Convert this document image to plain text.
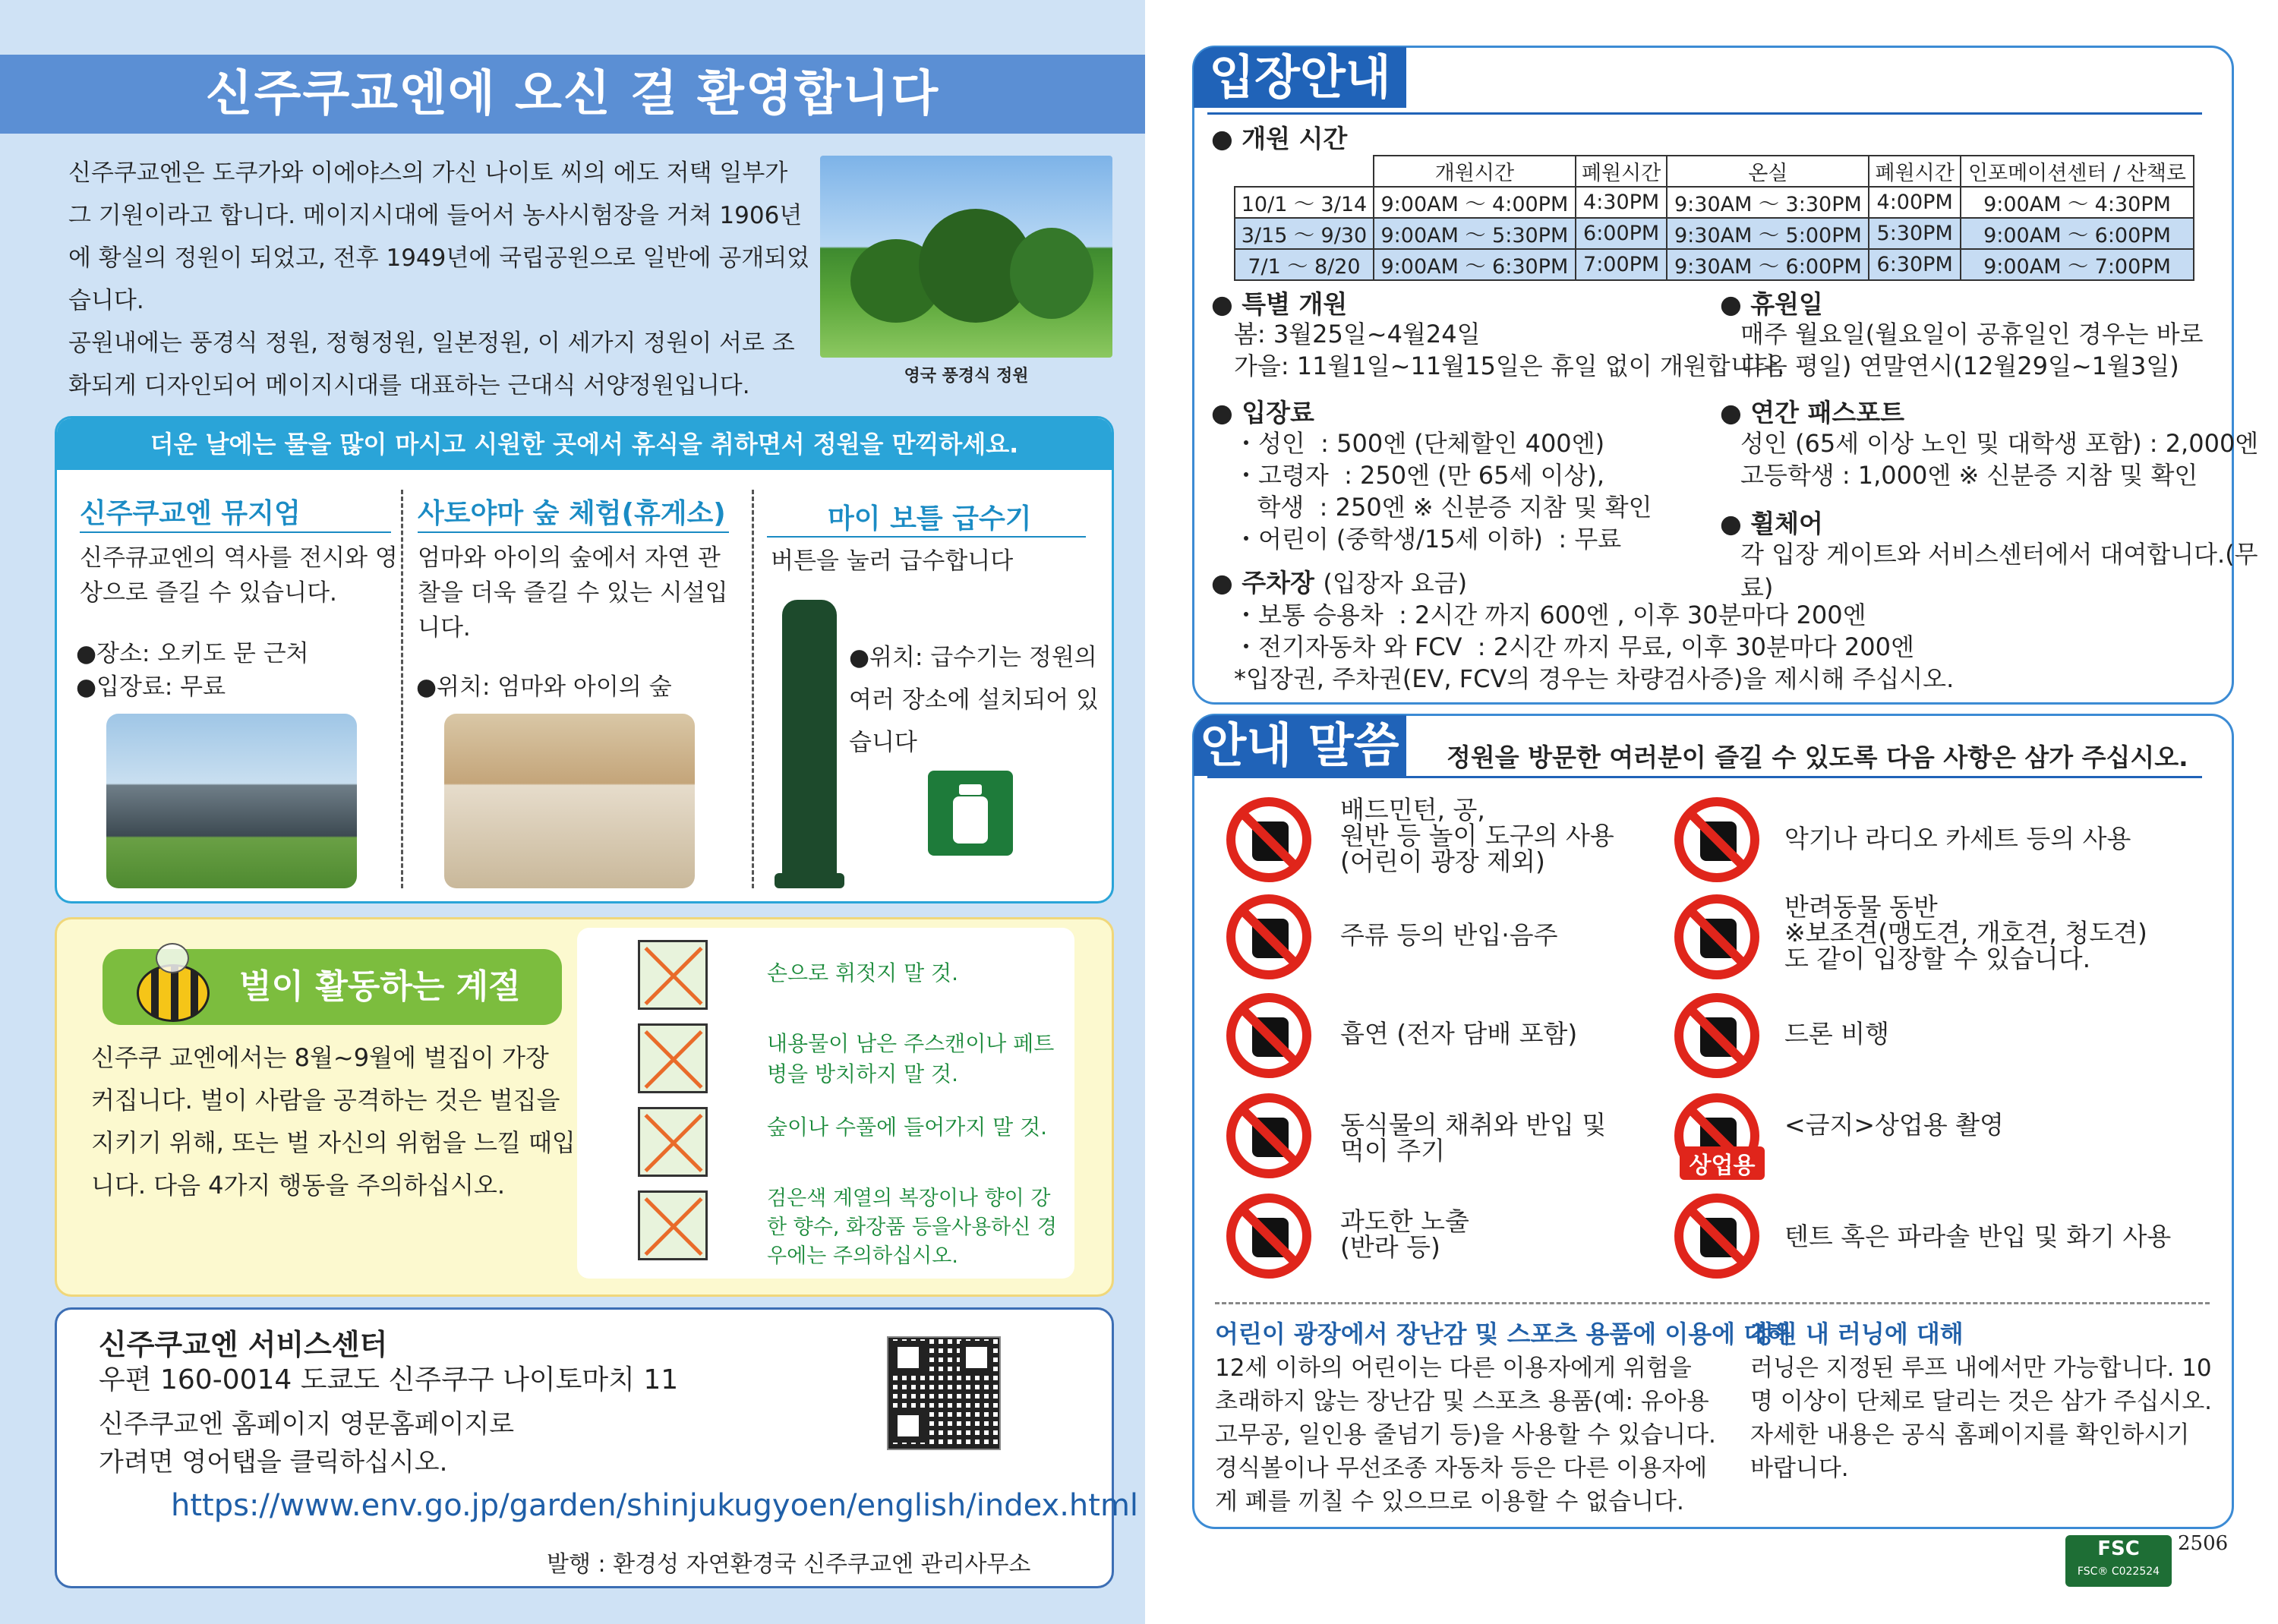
신주쿠교엔에 오신 걸 환영합니다

신주쿠교엔은 도쿠가와 이에야스의 가신 나이토 씨의 에도 저택 일부가 그 기원이라고 합니다. 메이지시대에 들어서 농사시험장을 거쳐 1906년에 황실의 정원이 되었고, 전후 1949년에 국립공원으로 일반에 공개되었습니다.

공원내에는 풍경식 정원, 정형정원, 일본정원, 이 세가지 정원이 서로 조화되게 디자인되어 메이지시대를 대표하는 근대식 서양정원입니다.	영국 풍경식 정원
더운 날에는 물을 많이 마시고 시원한 곳에서 휴식을 취하면서 정원을 만끽하세요.
신주쿠교엔 뮤지엄
신주큐교엔의 역사를 전시와 영상으로 즐길 수 있습니다.
●장소: 오키도 문 근처
●입장료: 무료
사토야마 숲 체험(휴게소)
엄마와 아이의 숲에서 자연 관찰을 더욱 즐길 수 있는 시설입니다.
●위치: 엄마와 아이의 숲
마이 보틀 급수기
버튼을 눌러 급수합니다
●위치: 급수기는 정원의 여러 장소에 설치되어 있습니다
벌이 활동하는 계절
신주쿠 교엔에서는 8월~9월에 벌집이 가장 커집니다. 벌이 사람을 공격하는 것은 벌집을 지키기 위해, 또는 벌 자신의 위험을 느낄 때입니다. 다음 4가지 행동을 주의하십시오.
손으로 휘젓지 말 것.
내용물이 남은 주스캔이나 페트병을 방치하지 말 것.
숲이나 수풀에 들어가지 말 것.
검은색 계열의 복장이나 향이 강한 향수, 화장품 등을사용하신 경우에는 주의하십시오.
신주쿠교엔 서비스센터
우편 160-0014 도쿄도 신주쿠구 나이토마치 11
신주쿠교엔 홈페이지 영문홈페이지로
가려면 영어탭을 클릭하십시오.
https://www.env.go.jp/garden/shinjukugyoen/english/index.html
발행 : 환경성 자연환경국 신주쿠교엔 관리사무소
입장안내
● 개원 시간
	개원시간	폐원시간	온실	폐원시간	인포메이션센터 / 산책로
10/1 ～ 3/14	9:00AM ～ 4:00PM	4:30PM	9:30AM ～ 3:30PM	4:00PM	9:00AM ～ 4:30PM
3/15 ～ 9/30	9:00AM ～ 5:30PM	6:00PM	9:30AM ～ 5:00PM	5:30PM	9:00AM ～ 6:00PM
7/1 ～ 8/20	9:00AM ～ 6:30PM	7:00PM	9:30AM ～ 6:00PM	6:30PM	9:00AM ～ 7:00PM
● 특별 개원
봄: 3월25일~4월24일
가을: 11월1일~11월15일은 휴일 없이 개원합니다.
● 휴원일
매주 월요일(월요일이 공휴일인 경우는 바로
다음 평일) 연말연시(12월29일~1월3일)
● 입장료
・성인  : 500엔 (단체할인 400엔)
・고령자  : 250엔 (만 65세 이상),
학생  : 250엔 ※ 신분증 지참 및 확인
・어린이 (중학생/15세 이하)  : 무료
● 연간 패스포트
성인 (65세 이상 노인 및 대학생 포함) : 2,000엔
고등학생 : 1,000엔 ※ 신분증 지참 및 확인
● 휠체어
각 입장 게이트와 서비스센터에서 대여합니다.(무료)
● 주차장 (입장자 요금)
・보통 승용차  : 2시간 까지 600엔 , 이후 30분마다 200엔
・전기자동차 와 FCV  : 2시간 까지 무료, 이후 30분마다 200엔
*입장권, 주차권(EV, FCV의 경우는 차량검사증)을 제시해 주십시오.
안내 말씀 정원을 방문한 여러분이 즐길 수 있도록 다음 사항은 삼가 주십시오.
배드민턴, 공,
원반 등 놀이 도구의 사용
(어린이 광장 제외)
주류 등의 반입·음주
흡연 (전자 담배 포함)
동식물의 채취와 반입 및
먹이 주기
과도한 노출
(반라 등)
악기나 라디오 카세트 등의 사용
반려동물 동반
※보조견(맹도견, 개호견, 청도견)
도 같이 입장할 수 있습니다.
드론 비행
상업용
<금지>상업용 촬영
텐트 혹은 파라솔 반입 및 화기 사용
어린이 광장에서 장난감 및 스포츠 용품에 이용에 대해
12세 이하의 어린이는 다른 이용자에게 위험을 초래하지 않는 장난감 및 스포츠 용품(예: 유아용 고무공, 일인용 줄넘기 등)을 사용할 수 있습니다. 경식볼이나 무선조종 자동차 등은 다른 이용자에게 폐를 끼칠 수 있으므로 이용할 수 없습니다.
정원 내 러닝에 대해
러닝은 지정된 루프 내에서만 가능합니다. 10명 이상이 단체로 달리는 것은 삼가 주십시오. 자세한 내용은 공식 홈페이지를 확인하시기 바랍니다.
FSC
FSC® C022524
2506
